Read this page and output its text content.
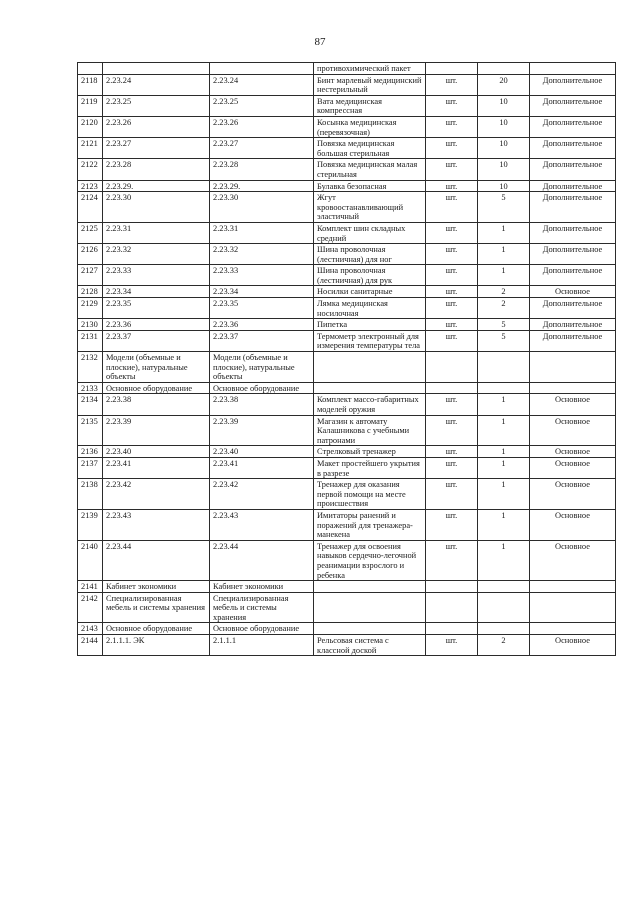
87
			противохимический пакет			
2118	2.23.24	2.23.24	Бинт марлевый медицинский нестерильный	шт.	20	Дополнительное
2119	2.23.25	2.23.25	Вата медицинская компрессная	шт.	10	Дополнительное
2120	2.23.26	2.23.26	Косынка медицинская (перевязочная)	шт.	10	Дополнительное
2121	2.23.27	2.23.27	Повязка медицинская большая стерильная	шт.	10	Дополнительное
2122	2.23.28	2.23.28	Повязка медицинская малая стерильная	шт.	10	Дополнительное
2123	2.23.29.	2.23.29.	Булавка безопасная	шт.	10	Дополнительное
2124	2.23.30	2.23.30	Жгут кровоостанавливающий эластичный	шт.	5	Дополнительное
2125	2.23.31	2.23.31	Комплект шин складных средний	шт.	1	Дополнительное
2126	2.23.32	2.23.32	Шина проволочная (лестничная) для ног	шт.	1	Дополнительное
2127	2.23.33	2.23.33	Шина проволочная (лестничная) для рук	шт.	1	Дополнительное
2128	2.23.34	2.23.34	Носилки санитарные	шт.	2	Основное
2129	2.23.35	2.23.35	Лямка медицинская носилочная	шт.	2	Дополнительное
2130	2.23.36	2.23.36	Пипетка	шт.	5	Дополнительное
2131	2.23.37	2.23.37	Термометр электронный для измерения температуры тела	шт.	5	Дополнительное
2132	Модели (объемные и плоские), натуральные объекты	Модели (объемные и плоские), натуральные объекты				
2133	Основное оборудование	Основное оборудование				
2134	2.23.38	2.23.38	Комплект массо-габаритных моделей оружия	шт.	1	Основное
2135	2.23.39	2.23.39	Магазин к автомату Калашникова с учебными патронами	шт.	1	Основное
2136	2.23.40	2.23.40	Стрелковый тренажер	шт.	1	Основное
2137	2.23.41	2.23.41	Макет простейшего укрытия в разрезе	шт.	1	Основное
2138	2.23.42	2.23.42	Тренажер для оказания первой помощи на месте происшествия	шт.	1	Основное
2139	2.23.43	2.23.43	Имитаторы ранений и поражений для тренажера-манекена	шт.	1	Основное
2140	2.23.44	2.23.44	Тренажер для освоения навыков сердечно-легочной реанимации взрослого и ребенка	шт.	1	Основное
2141	Кабинет экономики	Кабинет экономики				
2142	Специализированная мебель и системы хранения	Специализированная мебель и системы хранения				
2143	Основное оборудование	Основное оборудование				
2144	2.1.1.1. ЭК	2.1.1.1	Рельсовая система с классной доской	шт.	2	Основное
